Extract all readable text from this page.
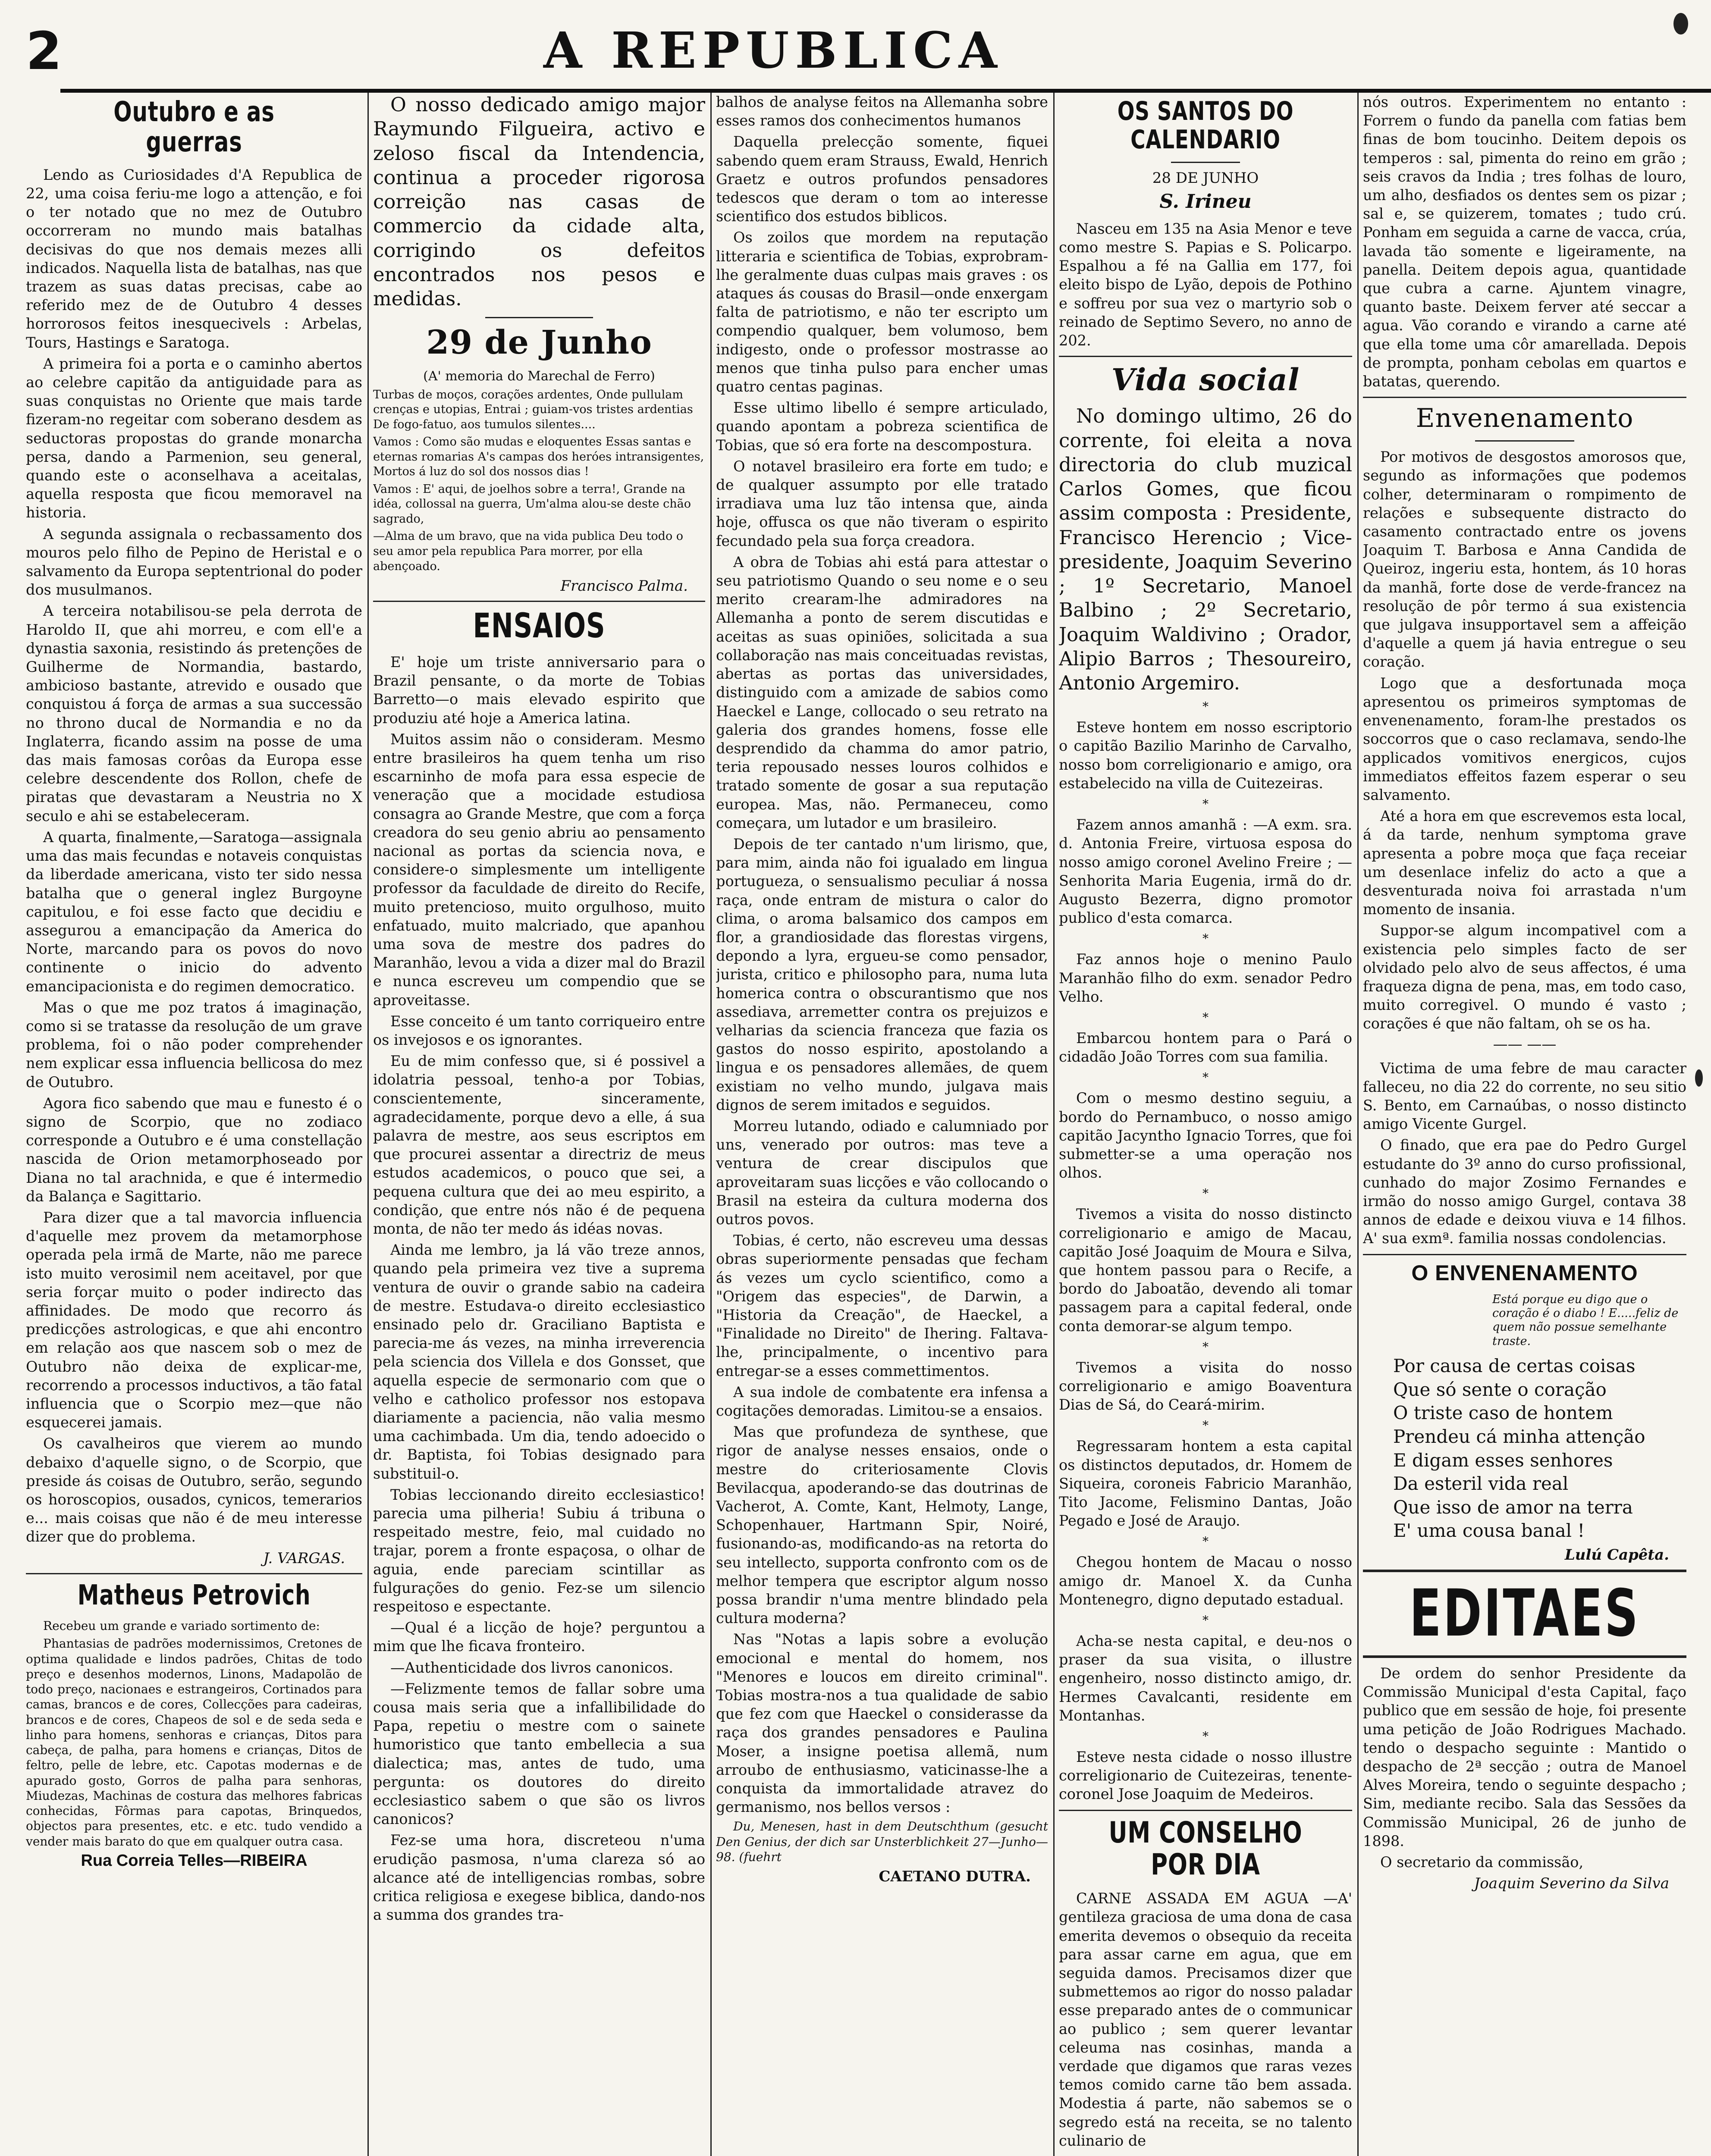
2	A REPUBLICA
Outubro e as guerras

Lendo as Curiosidades d'A Republica de 22, uma coisa feriu-me logo a attenção, e foi o ter notado que no mez de Outubro occorreram no mundo mais batalhas decisivas do que nos demais mezes alli indicados. Naquella lista de batalhas, nas que trazem as suas datas precisas, cabe ao referido mez de de Outubro 4 desses horrorosos feitos inesquecivels : Arbelas, Tours, Hastings e Saratoga.

A primeira foi a porta e o caminho abertos ao celebre capitão da antiguidade para as suas conquistas no Oriente que mais tarde fizeram-no regeitar com soberano desdem as seductoras propostas do grande monarcha persa, dando a Parmenion, seu general, quando este o aconselhava a aceitalas, aquella resposta que ficou memoravel na historia.

A segunda assignala o recbassamento dos mouros pelo filho de Pepino de Heristal e o salvamento da Europa septentrional do poder dos musulmanos.

A terceira notabilisou-se pela derrota de Haroldo II, que ahi morreu, e com ell'e a dynastia saxonia, resistindo ás pretenções de Guilherme de Normandia, bastardo, ambicioso bastante, atrevido e ousado que conquistou á força de armas a sua successão no throno ducal de Normandia e no da Inglaterra, ficando assim na posse de uma das mais famosas corôas da Europa esse celebre descendente dos Rollon, chefe de piratas que devastaram a Neustria no X seculo e ahi se estabeleceram.

A quarta, finalmente,—Saratoga—assignala uma das mais fecundas e notaveis conquistas da liberdade americana, visto ter sido nessa batalha que o general inglez Burgoyne capitulou, e foi esse facto que decidiu e assegurou a emancipação da America do Norte, marcando para os povos do novo continente o inicio do advento emancipacionista e do regimen democratico.

Mas o que me poz tratos á imaginação, como si se tratasse da resolução de um grave problema, foi o não poder comprehender nem explicar essa influencia bellicosa do mez de Outubro.

Agora fico sabendo que mau e funesto é o signo de Scorpio, que no zodiaco corresponde a Outubro e é uma constellação nascida de Orion metamorphoseado por Diana no tal arachnida, e que é intermedio da Balança e Sagittario.

Para dizer que a tal mavorcia influencia d'aquelle mez provem da metamorphose operada pela irmã de Marte, não me parece isto muito verosimil nem aceitavel, por que seria forçar muito o poder indirecto das affinidades. De modo que recorro ás predicções astrologicas, e que ahi encontro em relação aos que nascem sob o mez de Outubro não deixa de explicar-me, recorrendo a processos inductivos, a tão fatal influencia que o Scorpio mez—que não esquecerei jamais.

Os cavalheiros que vierem ao mundo debaixo d'aquelle signo, o de Scorpio, que preside ás coisas de Outubro, serão, segundo os horoscopios, ousados, cynicos, temerarios e... mais coisas que não é de meu interesse dizer que do problema.

J. VARGAS.
Matheus Petrovich

Recebeu um grande e variado sortimento de:

Phantasias de padrões modernissimos, Cretones de optima qualidade e lindos padrões, Chitas de todo preço e desenhos modernos, Linons, Madapolão de todo preço, nacionaes e estrangeiros, Cortinados para camas, brancos e de cores, Collecções para cadeiras, brancos e de cores, Chapeos de sol e de seda seda e linho para homens, senhoras e crianças, Ditos para cabeça, de palha, para homens e crianças, Ditos de feltro, pelle de lebre, etc. Capotas modernas e de apurado gosto, Gorros de palha para senhoras, Miudezas, Machinas de costura das melhores fabricas conhecidas, Fôrmas para capotas, Brinquedos, objectos para presentes, etc. e etc. tudo vendido a vender mais barato do que em qualquer outra casa.

Rua Correia Telles—RIBEIRA

O nosso dedicado amigo major Raymundo Filgueira, activo e zeloso fiscal da Intendencia, continua a proceder rigorosa correição nas casas de commercio da cidade alta, corrigindo os defeitos encontrados nos pesos e medidas.

29 de Junho

(A' memoria do Marechal de Ferro)

Turbas de moços, corações ardentes, Onde pullulam crenças e utopias, Entrai ; guiam-vos tristes ardentias De fogo-fatuo, aos tumulos silentes....

Vamos : Como são mudas e eloquentes Essas santas e eternas romarias A's campas dos heróes intransigentes, Mortos á luz do sol dos nossos dias !

Vamos : E' aqui, de joelhos sobre a terra!, Grande na idéa, collossal na guerra, Um'alma alou-se deste chão sagrado,

—Alma de um bravo, que na vida publica Deu todo o seu amor pela republica Para morrer, por ella abençoado.

Francisco Palma.
ENSAIOS

E' hoje um triste anniversario para o Brazil pensante, o da morte de Tobias Barretto—o mais elevado espirito que produziu até hoje a America latina.

Muitos assim não o consideram. Mesmo entre brasileiros ha quem tenha um riso escarninho de mofa para essa especie de veneração que a mocidade estudiosa consagra ao Grande Mestre, que com a força creadora do seu genio abriu ao pensamento nacional as portas da sciencia nova, e considere-o simplesmente um intelligente professor da faculdade de direito do Recife, muito pretencioso, muito orgulhoso, muito enfatuado, muito malcriado, que apanhou uma sova de mestre dos padres do Maranhão, levou a vida a dizer mal do Brazil e nunca escreveu um compendio que se aproveitasse.

Esse conceito é um tanto corriqueiro entre os invejosos e os ignorantes.

Eu de mim confesso que, si é possivel a idolatria pessoal, tenho-a por Tobias, conscientemente, sinceramente, agradecidamente, porque devo a elle, á sua palavra de mestre, aos seus escriptos em que procurei assentar a directriz de meus estudos academicos, o pouco que sei, a pequena cultura que dei ao meu espirito, a condição, que entre nós não é de pequena monta, de não ter medo ás idéas novas.

Ainda me lembro, ja lá vão treze annos, quando pela primeira vez tive a suprema ventura de ouvir o grande sabio na cadeira de mestre. Estudava-o direito ecclesiastico ensinado pelo dr. Graciliano Baptista e parecia-me ás vezes, na minha irreverencia pela sciencia dos Villela e dos Gonsset, que aquella especie de sermonario com que o velho e catholico professor nos estopava diariamente a paciencia, não valia mesmo uma cachimbada. Um dia, tendo adoecido o dr. Baptista, foi Tobias designado para substituil-o.

Tobias leccionando direito ecclesiastico! parecia uma pilheria! Subiu á tribuna o respeitado mestre, feio, mal cuidado no trajar, porem a fronte espaçosa, o olhar de aguia, ende pareciam scintillar as fulgurações do genio. Fez-se um silencio respeitoso e espectante.

—Qual é a licção de hoje? perguntou a mim que lhe ficava fronteiro.

—Authenticidade dos livros canonicos.

—Felizmente temos de fallar sobre uma cousa mais seria que a infallibilidade do Papa, repetiu o mestre com o sainete humoristico que tanto embellecia a sua dialectica; mas, antes de tudo, uma pergunta: os doutores do direito ecclesiastico sabem o que são os livros canonicos?

Fez-se uma hora, discreteou n'uma erudição pasmosa, n'uma clareza só ao alcance até de intelligencias rombas, sobre critica religiosa e exegese biblica, dando-nos a summa dos grandes tra-

balhos de analyse feitos na Allemanha sobre esses ramos dos conhecimentos humanos

Daquella prelecção somente, fiquei sabendo quem eram Strauss, Ewald, Henrich Graetz e outros profundos pensadores tedescos que deram o tom ao interesse scientifico dos estudos biblicos.

Os zoilos que mordem na reputação litteraria e scientifica de Tobias, exprobram-lhe geralmente duas culpas mais graves : os ataques ás cousas do Brasil—onde enxergam falta de patriotismo, e não ter escripto um compendio qualquer, bem volumoso, bem indigesto, onde o professor mostrasse ao menos que tinha pulso para encher umas quatro centas paginas.

Esse ultimo libello é sempre articulado, quando apontam a pobreza scientifica de Tobias, que só era forte na descompostura.

O notavel brasileiro era forte em tudo; e de qualquer assumpto por elle tratado irradiava uma luz tão intensa que, ainda hoje, offusca os que não tiveram o espirito fecundado pela sua força creadora.

A obra de Tobias ahi está para attestar o seu patriotismo Quando o seu nome e o seu merito crearam-lhe admiradores na Allemanha a ponto de serem discutidas e aceitas as suas opiniões, solicitada a sua collaboração nas mais conceituadas revistas, abertas as portas das universidades, distinguido com a amizade de sabios como Haeckel e Lange, collocado o seu retrato na galeria dos grandes homens, fosse elle desprendido da chamma do amor patrio, teria repousado nesses louros colhidos e tratado somente de gosar a sua reputação europea. Mas, não. Permaneceu, como começara, um lutador e um brasileiro.

Depois de ter cantado n'um lirismo, que, para mim, ainda não foi igualado em lingua portugueza, o sensualismo peculiar á nossa raça, onde entram de mistura o calor do clima, o aroma balsamico dos campos em flor, a grandiosidade das florestas virgens, depondo a lyra, ergueu-se como pensador, jurista, critico e philosopho para, numa luta homerica contra o obscurantismo que nos assediava, arremetter contra os prejuizos e velharias da sciencia franceza que fazia os gastos do nosso espirito, apostolando a lingua e os pensadores allemães, de quem existiam no velho mundo, julgava mais dignos de serem imitados e seguidos.

Morreu lutando, odiado e calumniado por uns, venerado por outros: mas teve a ventura de crear discipulos que aproveitaram suas licções e vão collocando o Brasil na esteira da cultura moderna dos outros povos.

Tobias, é certo, não escreveu uma dessas obras superiormente pensadas que fecham ás vezes um cyclo scientifico, como a "Origem das especies", de Darwin, a "Historia da Creação", de Haeckel, a "Finalidade no Direito" de Ihering. Faltava-lhe, principalmente, o incentivo para entregar-se a esses commettimentos.

A sua indole de combatente era infensa a cogitações demoradas. Limitou-se a ensaios.

Mas que profundeza de synthese, que rigor de analyse nesses ensaios, onde o mestre do criteriosamente Clovis Bevilacqua, apoderando-se das doutrinas de Vacherot, A. Comte, Kant, Helmoty, Lange, Schopenhauer, Hartmann Spir, Noiré, fusionando-as, modificando-as na retorta do seu intellecto, supporta confronto com os de melhor tempera que escriptor algum nosso possa brandir n'uma mentre blindado pela cultura moderna?

Nas "Notas a lapis sobre a evolução emocional e mental do homem, nos "Menores e loucos em direito criminal". Tobias mostra-nos a tua qualidade de sabio que fez com que Haeckel o considerasse da raça dos grandes pensadores e Paulina Moser, a insigne poetisa allemã, num arroubo de enthusiasmo, vaticinasse-lhe a conquista da immortalidade atravez do germanismo, nos bellos versos :

Du, Menesen, hast in dem Deutschthum (gesucht Den Genius, der dich sar Unsterblichkeit 27—Junho—98. (fuehrt

CAETANO DUTRA.
OS SANTOS DO CALENDARIO

28 DE JUNHO

S. Irineu

Nasceu em 135 na Asia Menor e teve como mestre S. Papias e S. Policarpo. Espalhou a fé na Gallia em 177, foi eleito bispo de Lyão, depois de Pothino e soffreu por sua vez o martyrio sob o reinado de Septimo Severo, no anno de 202.

Vida social

No domingo ultimo, 26 do corrente, foi eleita a nova directoria do club muzical Carlos Gomes, que ficou assim composta : Presidente, Francisco Herencio ; Vice-presidente, Joaquim Severino ; 1º Secretario, Manoel Balbino ; 2º Secretario, Joaquim Waldivino ; Orador, Alipio Barros ; Thesoureiro, Antonio Argemiro.

*

Esteve hontem em nosso escriptorio o capitão Bazilio Marinho de Carvalho, nosso bom correligionario e amigo, ora estabelecido na villa de Cuitezeiras.

*

Fazem annos amanhã : —A exm. sra. d. Antonia Freire, virtuosa esposa do nosso amigo coronel Avelino Freire ; —Senhorita Maria Eugenia, irmã do dr. Augusto Bezerra, digno promotor publico d'esta comarca.

*

Faz annos hoje o menino Paulo Maranhão filho do exm. senador Pedro Velho.

*

Embarcou hontem para o Pará o cidadão João Torres com sua familia.

*

Com o mesmo destino seguiu, a bordo do Pernambuco, o nosso amigo capitão Jacyntho Ignacio Torres, que foi submetter-se a uma operação nos olhos.

*

Tivemos a visita do nosso distincto correligionario e amigo de Macau, capitão José Joaquim de Moura e Silva, que hontem passou para o Recife, a bordo do Jaboatão, devendo ali tomar passagem para a capital federal, onde conta demorar-se algum tempo.

*

Tivemos a visita do nosso correligionario e amigo Boaventura Dias de Sá, do Ceará-mirim.

*

Regressaram hontem a esta capital os distinctos deputados, dr. Homem de Siqueira, coroneis Fabricio Maranhão, Tito Jacome, Felismino Dantas, João Pegado e José de Araujo.

*

Chegou hontem de Macau o nosso amigo dr. Manoel X. da Cunha Montenegro, digno deputado estadual.

*

Acha-se nesta capital, e deu-nos o praser da sua visita, o illustre engenheiro, nosso distincto amigo, dr. Hermes Cavalcanti, residente em Montanhas.

*

Esteve nesta cidade o nosso illustre correligionario de Cuitezeiras, tenente-coronel Jose Joaquim de Medeiros.

UM CONSELHO POR DIA

CARNE ASSADA EM AGUA —A' gentileza graciosa de uma dona de casa emerita devemos o obsequio da receita para assar carne em agua, que em seguida damos. Precisamos dizer que submettemos ao rigor do nosso paladar esse preparado antes de o communicar ao publico ; sem querer levantar celeuma nas cosinhas, manda a verdade que digamos que raras vezes temos comido carne tão bem assada. Modestia á parte, não sabemos se o segredo está na receita, se no talento culinario de

nós outros. Experimentem no entanto : Forrem o fundo da panella com fatias bem finas de bom toucinho. Deitem depois os temperos : sal, pimenta do reino em grão ; seis cravos da India ; tres folhas de louro, um alho, desfiados os dentes sem os pizar ; sal e, se quizerem, tomates ; tudo crú. Ponham em seguida a carne de vacca, crúa, lavada tão somente e ligeiramente, na panella. Deitem depois agua, quantidade que cubra a carne. Ajuntem vinagre, quanto baste. Deixem ferver até seccar a agua. Vão corando e virando a carne até que ella tome uma côr amarellada. Depois de prompta, ponham cebolas em quartos e batatas, querendo.

Envenenamento

Por motivos de desgostos amorosos que, segundo as informações que podemos colher, determinaram o rompimento de relações e subsequente distracto do casamento contractado entre os jovens Joaquim T. Barbosa e Anna Candida de Queiroz, ingeriu esta, hontem, ás 10 horas da manhã, forte dose de verde-francez na resolução de pôr termo á sua existencia que julgava insupportavel sem a affeição d'aquelle a quem já havia entregue o seu coração.

Logo que a desfortunada moça apresentou os primeiros symptomas de envenenamento, foram-lhe prestados os soccorros que o caso reclamava, sendo-lhe applicados vomitivos energicos, cujos immediatos effeitos fazem esperar o seu salvamento.

Até a hora em que escrevemos esta local, á da tarde, nenhum symptoma grave apresenta a pobre moça que faça receiar um desenlace infeliz do acto a que a desventurada noiva foi arrastada n'um momento de insania.

Suppor-se algum incompativel com a existencia pelo simples facto de ser olvidado pelo alvo de seus affectos, é uma fraqueza digna de pena, mas, em todo caso, muito corregivel. O mundo é vasto ; corações é que não faltam, oh se os ha.

—— ——

Victima de uma febre de mau caracter falleceu, no dia 22 do corrente, no seu sitio S. Bento, em Carnaúbas, o nosso distincto amigo Vicente Gurgel.

O finado, que era pae do Pedro Gurgel estudante do 3º anno do curso profissional, cunhado do major Zosimo Fernandes e irmão do nosso amigo Gurgel, contava 38 annos de edade e deixou viuva e 14 filhos. A' sua exmª. familia nossas condolencias.

O ENVENENAMENTO
Está porque eu digo que o coração é o diabo ! E.....feliz de quem não possue semelhante traste.
Por causa de certas coisas
Que só sente o coração
O triste caso de hontem
Prendeu cá minha attenção
E digam esses senhores
Da esteril vida real
Que isso de amor na terra
E' uma cousa banal !
Lulú Capêta.
EDITAES

De ordem do senhor Presidente da Commissão Municipal d'esta Capital, faço publico que em sessão de hoje, foi presente uma petição de João Rodrigues Machado. tendo o despacho seguinte : Mantido o despacho de 2ª secção ; outra de Manoel Alves Moreira, tendo o seguinte despacho ; Sim, mediante recibo. Sala das Sessões da Commissão Municipal, 26 de junho de 1898.

O secretario da commissão,

Joaquim Severino da Silva
